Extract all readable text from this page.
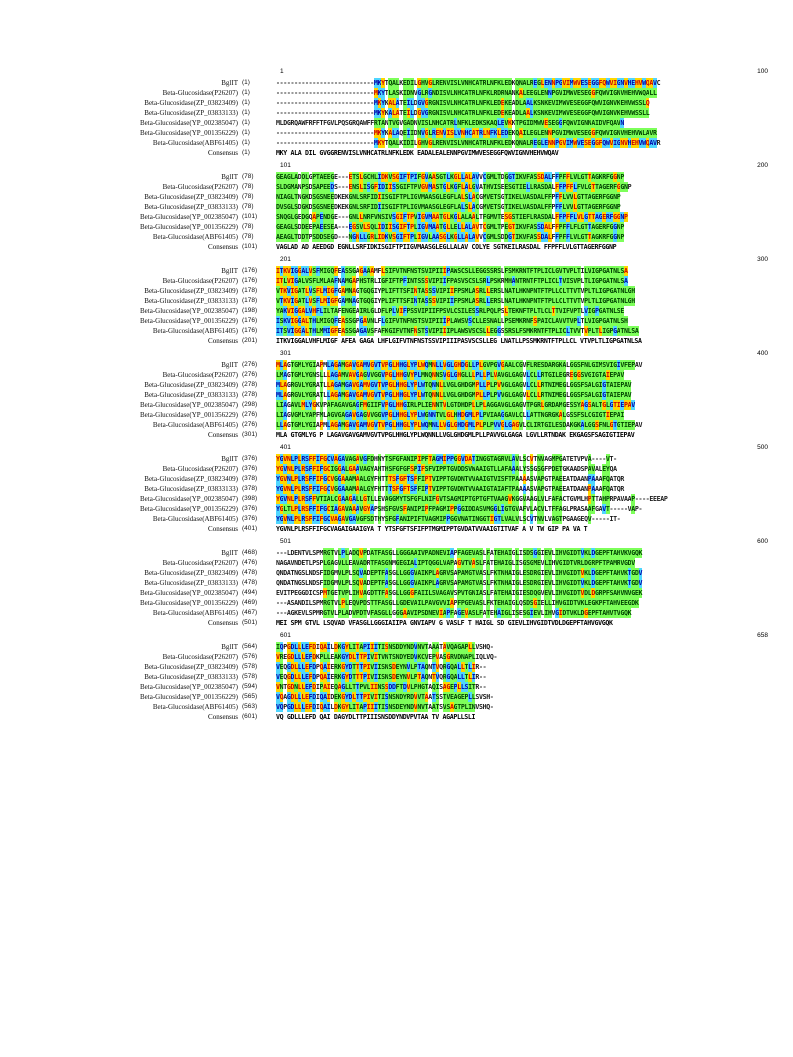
1	100
BglIT (1)	---------------------------MKYTQALKEDILGHVGLRENVISLVNHCATRLNFKLEDKQNALREGLENNPGVIMWVESEGGFQWVIGNVHEHVWQAVC
Beta-Glucosidase(P26207) (1)	---------------------------MKYTLASKIDNVGLRGNDISVLNHCATRLNFKLRDRNANKALEEGLENNPGVIMWVESEGGFQWVIGNVHEHVWQALL
Beta-Glucosidase(ZP_03823409) (1)	---------------------------MKYKALATEILDGVGRGNISVLNHCATRLNFKLEDEKEADLAALKSNKEVIMWVESEGGFQWVIGNVKEHVWSSLQ
Beta-Glucosidase(ZP_03833133) (1)	---------------------------MKYKALATEILDGVGRGNISVLNHCATRLNFKLEDEKEADLAALKSNKEVIMWVESEGGFQWVIGNVKEHVWSSLL
Beta-Glucosidase(YP_002385047) (1)	MLDGRQAWFRFFTFGVLPQSGRQAWFFRTANTVGVGADNVISLNHCATRLNFKLEDKSKAQLEVKKTPGIDMWVESEGGFQWVIGNNAIDVFQAVN
Beta-Glucosidase(YP_001356229) (1)	---------------------------MKYKALAQEIIDNVGLRENVISLVNHCATRLNFKLEDEKQAILEGLENNPGVIMWVESEGGFQWVIGNVHEHVWLAVR
Beta-Glucosidase(ABF61405) (1)	---------------------------MKYTQALKIDILGHVGLRENVISLVNHCATRLNFKLEDKQNALREGLENNPGVIMWVESEGGFQWVIGNVHEHVWQAVR
Consensus (1)	MKY ALA DIL GVGGRENVISLVNHCATRLNFKLEDK EADALEALENNPGVIMWVESEGGFQWVIGNVHEHVWQAV
101	200
BglIT (78)	GEAGLADOLGPTAEEGE---ETSLGCHLIDKVSGIFTPIFGVAASGTLKGLLALAVVCGMLTDGGTIKVFASSDALFFPFFLVLGTTAGKRFGGNP
Beta-Glucosidase(P26207) (78)	SLDGMANPSDSAPEEDS---ENSLISGFIDIISSGIFTPVGVMASTGLKGFLALGVATHVISEESGTIELLRASDALFFPFFLFVLGTTAGERFGGNP
Beta-Glucosidase(ZP_03823409) (78)	NIAGLTNGKDSGSNEEDKEKGNLSRFIDIISGIFTPLIGVMAASGLEGFLALSLACGMVETSGTIKELVASDALFFPFFLVVLGTTAGERFGGNP
Beta-Glucosidase(ZP_03833133) (78)	DVSGLSDGKDSGSNEEDKEKGNLSRFIDIISGIFTPLIGVMAASGLEGFLALSLACGMVETSGTIKELVASDALFFPFFLVVLGTTAGERFGGNP
Beta-Glucosidase(YP_002385047) (101)	SNQGLGEDGQAPENDGE---GNLLNRFVNSIVSGIFTPVIGVMAATGLKGLALAALTFGMVTESGSTIEFLRASDALFFPFFLVLGTTAGERFGGNP
Beta-Glucosidase(YP_001356229) (78)	GEAGLSDDEEPAEESEA---EGSVLSQLIDIISGIFTPLIGVMAATGLLELLALAVTCGMLTPEGTIKVFASSDALFFPFFLFLGTTAGERFGGNP
Beta-Glucosidase(ABF61405) (78)	AEAGLTDDTPSDDSEGD---NGNLLGRLIDKVSGIFTPLIGVLAASGLKGLLALAVVCGMLSDDGTIKVFASSDALFFPFFLVLGTTAGKRFGGNP
Consensus (101)	VAGLAD AD AEEDGD EGNLLSRFIDKISGIFTPIIGVMAASGLEGLLALAV COLYE SGTKEILRASDAL FFPFFLVLGTTAGERFGGNP
201	300
BglIT (176)	ITKVIGGALVSFMIGQFEASSGAGAAAMFLSIFVTNFNSTSVIPIIIPAWSCSLLEGGSSRSLFSMKRNTFTPLICLGVTVPLTILVIGPGATNLSA
Beta-Glucosidase(P26207) (176)	ITLVIGALVSFLMLAAFNAMGAPHSTRLIGFIFTPFINTSSSVIPIIFPASVSCSLSRLPSKRMHANTRNTFTPLICLTVISVPLTLIGPGATNLSA
Beta-Glucosidase(ZP_03823409) (178)	VTKVIGATLVSFLMIGFGAMNAGTGQGIYPLIFTTSFINTASSSVIPIIFPSMLASRLLERSLNATLHKNPNTFTPLLCLTTVTVPLTLIGPGATNLGH
Beta-Glucosidase(ZP_03833133) (178)	VTKVIGATLVSFLMIGFGAMNAGTGQGIYPLIFTTSFINTASSSVIPIIFPSMLASRLLERSLNATLHKNPNTFTPLLCLTTVTVPLTLIGPGATNLGH
Beta-Glucosidase(YP_002385047) (198)	YAKVIGGALVHFLILTAFENGEAIRLGLDFLPLVIFPSSVIPIIFPSVLCSILESSRLPQLPSLTEKNFTPLTLCLTTVIFVPTLVIGPGATNLSE
Beta-Glucosidase(YP_001356229) (176)	ISKVIGGALTHLMIGQFEASSGPGAVNLFLGIFVTNFNSTSVIPIIIPLAWSVSCLLESNALLPSEMKRNFSPAICLAVVTVPLTLVIGPGATNLSH
Beta-Glucosidase(ABF61405) (176)	ITSVIGGALTHLMMIGFEASSGAGAVSFAFKGIFVTNFNSTSVIPIIIPLAWSVSCSLLEGGSSRSLFSMKRNTFTPLICLTVVTVPLTLIGPGATNLSA
Consensus (201)	ITKVIGGALVHFLMIGF AFEA GAGA LHFLGIFVTNFNSTSSVIPIIIPASVSCSLLEG LNATLLPSSMKRNTFTPLLCL VTVPLTLIGPGATNLSA
301	400
BglIT (276)	MLAGTGMLYGIAPMLAGAMGAVGAMVGVTVPGLHHGLYPLWQMNLLVGLGHDGLLPLGVPGVGAALCGVFLRESDARGKALGGSFNLGIMSVIGIVFEPAV
Beta-Glucosidase(P26207) (276)	LMAGTGMLYGNSLLLAGAMVAVGAGVVGGVPGLHHGVYPLMNQNNSVGLGHGLLLPLLPLVAVGLGAGVLCLLRTGILEGREGGSVGIGTAIEPAV
Beta-Glucosidase(ZP_03823409) (278)	MLAGRGVLYGRATLLAGAMGAVGAMVGVTVPGLHHGLYPLWTQNNLLVGLGHDGMPLLPLPVVGLGAGVLCLLRTNIMEGLGGSFSALGIGTAIEPAV
Beta-Glucosidase(ZP_03833133) (278)	MLAGRGVLYGRATLLAGAMGAVGAMVGVTVPGLHHGLYPLWTQNNLLVGLGHDGMPLLPLPVVGLGAGVLCLLRTNIMEGLGGSFSALGIGTAIEPAV
Beta-Glucosidase(YP_002385047) (298)	LIAGAVLMLYGKVPAFAGAVGAGFMGIIFVPGLHHGIRLPLIENNTVLGTDHDPLLPLAGGAVGLGAGVTPGRLGRDAMGESSYAGSALTGLGTIEPAV
Beta-Glucosidase(YP_001356229) (276)	LIAGVGMLYAPFMLAGVGAGAVGAGVVGGVPGLHHGLYPLWGNNTVLGLHHDGMLPLPVIAAGGAVLCLLATTNGRGKALGSSFSLCGIGTIEPAI
Beta-Glucosidase(ABF61405) (276)	LLAGTGMLYGIAPMLAGAMGAVGAMVGVTVPGLHHGLYPLWQMNLLVGLGHDGMLPLPLPVVGLGAGVLCLIRTGILESDAKGKALGGSFNLGTGTIEPAV
Consensus (301)	MLA GTGMLYG P LAGAVGAVGAMVGVTVPGLHHGLYPLWQNNLLVGLGHDGMLPLLPAVVGLGAGA LGVLLRTNDAK EKGAGSFSAGIGTIEPAV
401	500
BglIT (376)	YGVNLPLRSFFIFGCVAGAVAGAVGFDHNYTSFGFANIPIPFTAGMIPPGGVDATINGGTAGRVLAVLSCVTNVAGMPGATETVPVA----VT-
Beta-Glucosidase(P26207) (376)	YGVNLPLRSFFIFGCIGGALGAAVAGYAHTHSFGFGFSPIFSFVIPPTGVDDSVWAAIGTLLAFAAALYSSGSGFPDETGKAADSPAVALEYQA
Beta-Glucosidase(ZP_03823409) (378)	YGVNLPLRSFFIFGCVGGAAAMAALGYFHTTTSFGFTSFFIPTVIPPTGVDNTVVAAIGTVISFTPAAAASVAPGTPAEEATDAANPAAAFQATQR
Beta-Glucosidase(ZP_03833133) (378)	YGVNLPLRSFFIFGCVGGAAAMAALGYFHTTTSFGFTSFFIPTVIPPTGVDNTVVAAIGTAIAFTPAAAASVAPGTPAEEATDAANPAAAFQATQR
Beta-Glucosidase(YP_002385047) (398)	YGVNLPLRSFFVTIALCGAAGALLGTLLEVAGGMYTSFGFLNIFGVTSAGMIPTGPTGFTVAAGVKGGVAAGLVLFAFACTGVMLHPTTAHPRPAVAAP----EEEAP
Beta-Glucosidase(YP_001356229) (376)	YGLTLPLRSFFIFGCIAGAVAAAVGYAPSHSFGVSFANIPIPFPAGMIPPGGIDDASVMGGLIGTGVAFVLACVLTFFAGLPRASAAFGAVT-----VAP-
Beta-Glucosidase(ABF61405) (376)	YGVNLPLRSFFIFGCVAGAVGAVGFSDTHYSFGFANIPIFTVAGMIPPGGVNATINGGTIGTLVALVLSCVTNVLVAGTPGAAGEQV-----IT-
Consensus (401)	YGVNLPLRSFFIFGCVAGAIGAAIGYA T YTSFGFTSFIFPTMGMIPPTGVDATVVAAIGTITVAF A V TW GIP PA VA T
501	600
BglIT (468)	---LDENTVLSPMRGTVLPLADQVPDATFASGLLGGGAAIVPADNEVIAPFAGEVASLFATEHAIGLISDSGGIEVLIHVGIDTVKLDGEPFTAHVKVGQK
Beta-Glucosidase(P26207) (476)	NAGAVNDETLPSPLGAGVLLEAVADRTFASGNMGEGIALIPTQGGLVAPAGVTVASLFATEHAIGLISGSGMEVLIHVGIDTVRLDGRPFTPAMRVGDV
Beta-Glucosidase(ZP_03823409) (478)	QNDATNGSLNDSFIDGMVLPLSQVADEPTFASGLLGGGVAIKPLAGRVSAPAMGTVASLFKTNHAIGLESDRGIEVLIHVGIDTVKLDGEPFTAHVKTGDV
Beta-Glucosidase(ZP_03833133) (478)	QNDATNGSLNDSFIDGMVLPLSQVADEPTFASGLLGGGVAIKPLAGRVSAPAMGTVASLFKTNHAIGLESDRGIEVLIHVGIDTVKLDGEPFTAHVKTGDV
Beta-Glucosidase(YP_002385047) (494)	EVITPEGGDICSPMTGETVPLIHVAGDTTFASGLLGGGFAIILSVAGAVSPVTGNIASLFATEHAIGIESDQGVEVLIHVGIDTVDLDGRPFSAHVNVGEK
Beta-Glucosidase(YP_001356229) (469)	---ASANDILSPMRGTVLPLEQVPDSTTFASGLLGDEVAILPAVGVVIAPFPGEVASLFKTEHAIGLQSDSGIELLIHVGIDTVKLEGKPFTAHVEEGDK
Beta-Glucosidase(ABF61405) (467)	---AGKEVLSPMRGTVLPLADVPDTVFASGLLGGGAAVIPSDNEVIAPFAGEVASLFATEHAIGLISESGIEVLIHVGIDTVKLDGEPFTAHVTVGQK
Consensus (501)	MEI SPM GTVL LSQVAD VFASGLLGGGIAIIPA GNVIAPV G VASLF T HAIGL SD GIEVLIHVGIDTVDLDGEPFTAHVGVGQK
601	658
BglIT (564)	IQPGDLLLEFDIQAILDKGYLITAPIIITISNSDDYNDVNVTAAATAVQAGAPLLVSHQ-
Beta-Glucosidase(P26207) (576)	VREGDLLLEFDKPLLEAKGYDLTTPIVITVNTSNDYEDVKCVEPVASGRVDNAPLIQLVQ-
Beta-Glucosidase(ZP_03823409) (578)	VEQGDLLLEFDPQAIERKGYDTTTPIVIISNSDEYNVLPTAQNTVQRGQALLTLIR--
Beta-Glucosidase(ZP_03833133) (578)	VEQGDLLLEFDPQAIERKGYDTTTPIVIISNSDEYNVLPTAQNTVQRGQALLTLIR--
Beta-Glucosidase(YP_002385047) (594)	VNTGDNLLEFDIPAIEQAGLLTTPVLIINSSDDFTDVLPHGTAQISAGEPLLSITR--
Beta-Glucosidase(YP_001356229) (565)	VQAGDLLLEFDIQAIDEKGYDLTTPIVITISNSNDYRDVVTAATSSTVEAGEPLLSVSH-
Beta-Glucosidase(ABF61405) (563)	VQPGDLLLEFDIQAILDKGYLITAPIIITISNSDEYNDVNVTAATSVSAGTPLINVSHQ-
Consensus (601)	VQ GDLLLEFD QAI DAGYDLTTPIIISNSDDYNDVPVTAA TV AGAPLLSLI
